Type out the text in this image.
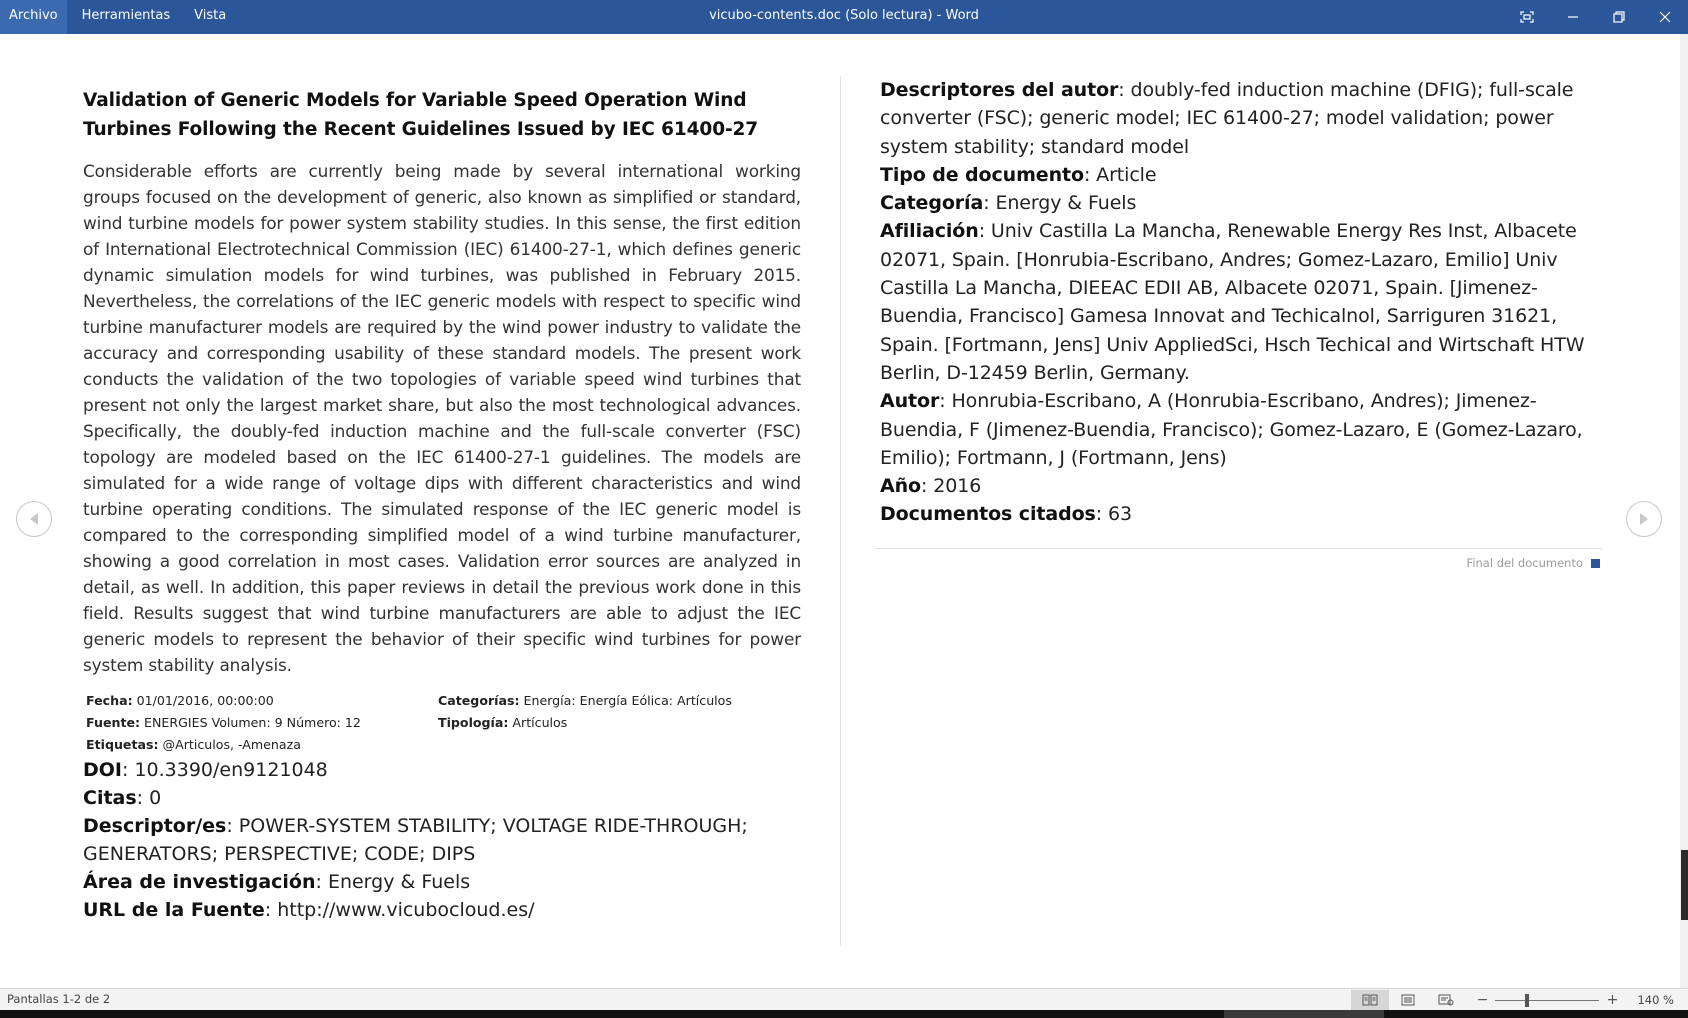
Archivo	Herramientas	Vista	vicubo-contents.doc (Solo lectura) - Word
Validation of Generic Models for Variable Speed Operation Wind Turbines Following the Recent Guidelines Issued by IEC 61400-27
Considerable efforts are currently being made by several international working groups focused on the development of generic, also known as simplified or standard, wind turbine models for power system stability studies. In this sense, the first edition of International Electrotechnical Commission (IEC) 61400-27-1, which defines generic dynamic simulation models for wind turbines, was published in February 2015. Nevertheless, the correlations of the IEC generic models with respect to specific wind turbine manufacturer models are required by the wind power industry to validate the accuracy and corresponding usability of these standard models. The present work conducts the validation of the two topologies of variable speed wind turbines that present not only the largest market share, but also the most technological advances. Specifically, the doubly-fed induction machine and the full-scale converter (FSC) topology are modeled based on the IEC 61400-27-1 guidelines. The models are simulated for a wide range of voltage dips with different characteristics and wind turbine operating conditions. The simulated response of the IEC generic model is compared to the corresponding simplified model of a wind turbine manufacturer, showing a good correlation in most cases. Validation error sources are analyzed in detail, as well. In addition, this paper reviews in detail the previous work done in this field. Results suggest that wind turbine manufacturers are able to adjust the IEC generic models to represent the behavior of their specific wind turbines for power system stability analysis.
Fecha: 01/01/2016, 00:00:00	Categorías: Energía: Energía Eólica: Artículos
Fuente: ENERGIES Volumen: 9 Número: 12	Tipología: Artículos
Etiquetas: @Articulos, -Amenaza
DOI: 10.3390/en9121048
Citas: 0
Descriptor/es: POWER-SYSTEM STABILITY; VOLTAGE RIDE-THROUGH; GENERATORS; PERSPECTIVE; CODE; DIPS
Área de investigación: Energy & Fuels
URL de la Fuente: http://www.vicubocloud.es/
Descriptores del autor: doubly-fed induction machine (DFIG); full-scale converter (FSC); generic model; IEC 61400-27; model validation; power system stability; standard model
Tipo de documento: Article
Categoría: Energy & Fuels
Afiliación: Univ Castilla La Mancha, Renewable Energy Res Inst, Albacete 02071, Spain. [Honrubia-Escribano, Andres; Gomez-Lazaro, Emilio] Univ Castilla La Mancha, DIEEAC EDII AB, Albacete 02071, Spain. [Jimenez-Buendia, Francisco] Gamesa Innovat and Techicalnol, Sarriguren 31621, Spain. [Fortmann, Jens] Univ AppliedSci, Hsch Techical and Wirtschaft HTW Berlin, D-12459 Berlin, Germany.
Autor: Honrubia-Escribano, A (Honrubia-Escribano, Andres); Jimenez-Buendia, F (Jimenez-Buendia, Francisco); Gomez-Lazaro, E (Gomez-Lazaro, Emilio); Fortmann, J (Fortmann, Jens)
Año: 2016
Documentos citados: 63
Final del documento
Pantallas 1-2 de 2	−	+ 140 %
